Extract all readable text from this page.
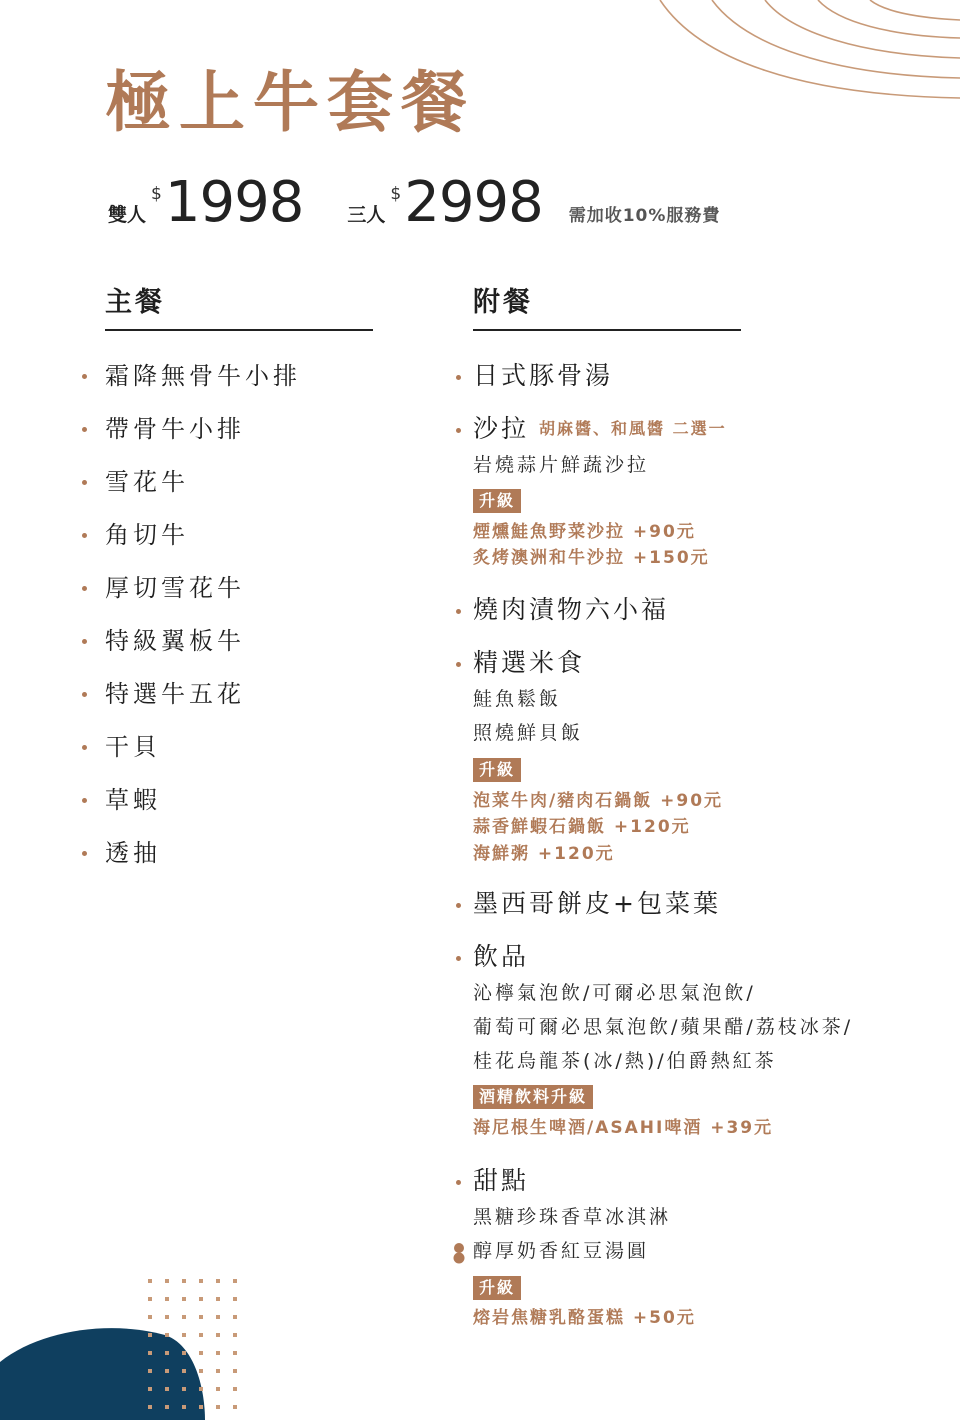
極上牛套餐
雙人
$ 1998 三人
$ 2998 需加收10%服務費
主餐	附餐
霜降無骨牛小排
帶骨牛小排
雪花牛
角切牛
厚切雪花牛
特級翼板牛
特選牛五花
干貝
草蝦
透抽
日式豚骨湯
沙拉 胡麻醬、和風醬 二選一
岩燒蒜片鮮蔬沙拉
升級
煙燻鮭魚野菜沙拉 +90元
炙烤澳洲和牛沙拉 +150元
燒肉漬物六小福
精選米食
鮭魚鬆飯
照燒鮮貝飯
升級
泡菜牛肉/豬肉石鍋飯 +90元
蒜香鮮蝦石鍋飯 +120元
海鮮粥 +120元
墨西哥餅皮+包菜葉
飲品
沁檸氣泡飲/可爾必思氣泡飲/
葡萄可爾必思氣泡飲/蘋果醋/荔枝冰茶/
桂花烏龍茶(冰/熱)/伯爵熱紅茶
酒精飲料升級
海尼根生啤酒/ASAHI啤酒 +39元
甜點
黑糖珍珠香草冰淇淋
醇厚奶香紅豆湯圓
升級
熔岩焦糖乳酪蛋糕 +50元
